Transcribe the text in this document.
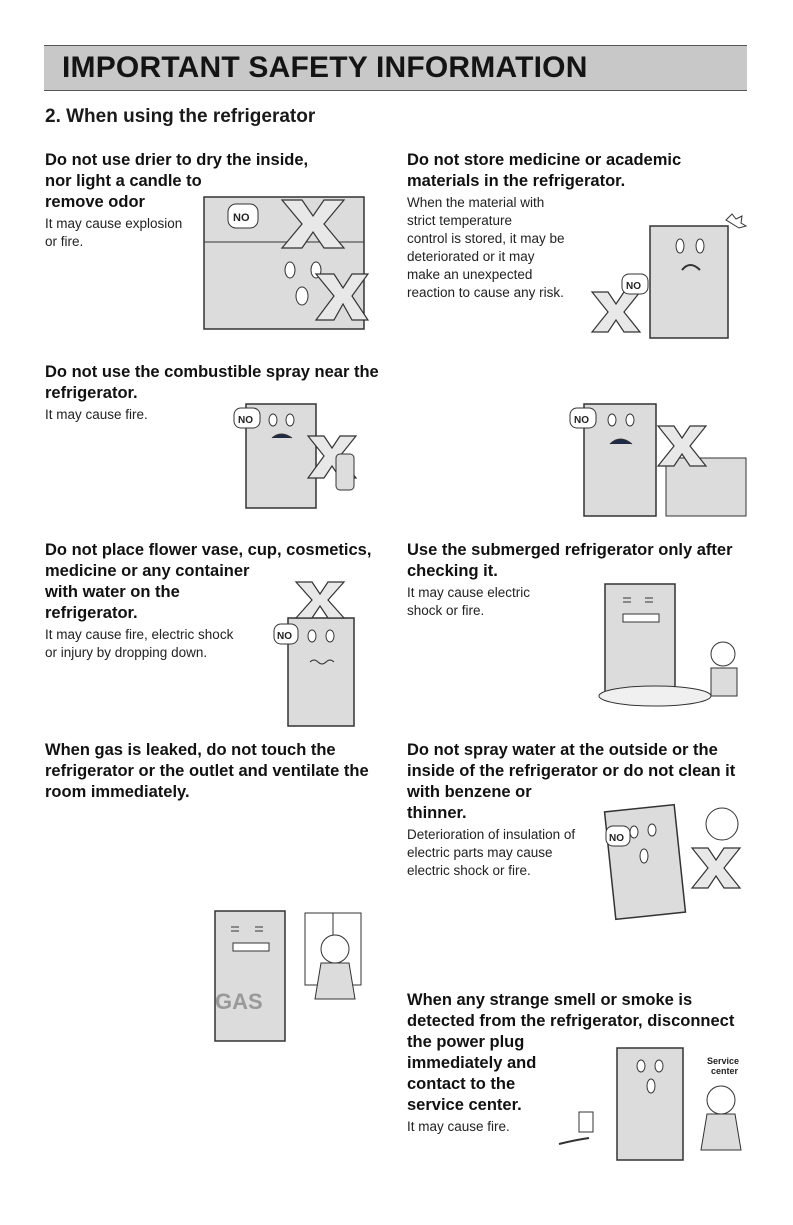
IMPORTANT SAFETY INFORMATION
2. When using the refrigerator

Do not use drier to dry the inside,
nor light a candle to
remove odor

It may cause explosion
or fire.

Do not store medicine or academic
materials in the refrigerator.

When the material with
strict temperature
control is stored, it may be
deteriorated or it may
make an unexpected
reaction to cause any risk.

Do not use the combustible spray near the
refrigerator.

It may cause fire.

Do not place flower vase, cup, cosmetics,
medicine or any container
with water on the
refrigerator.

It may cause fire, electric shock
or injury by dropping down.

Use the submerged refrigerator only after
checking it.

It may cause electric
shock or fire.

When gas is leaked, do not touch the
refrigerator or the outlet and ventilate the
room immediately.

Do not spray water at the outside or the
inside of the refrigerator or do not clean it
with benzene or
thinner.

Deterioration of insulation of
electric parts may cause
electric shock or fire.

When any strange smell or smoke is
detected from the refrigerator, disconnect
the power plug
immediately and
contact to the
service center.

It may cause fire.

NO
NO
NO	NO
NO
GAS
NO
Service
center
